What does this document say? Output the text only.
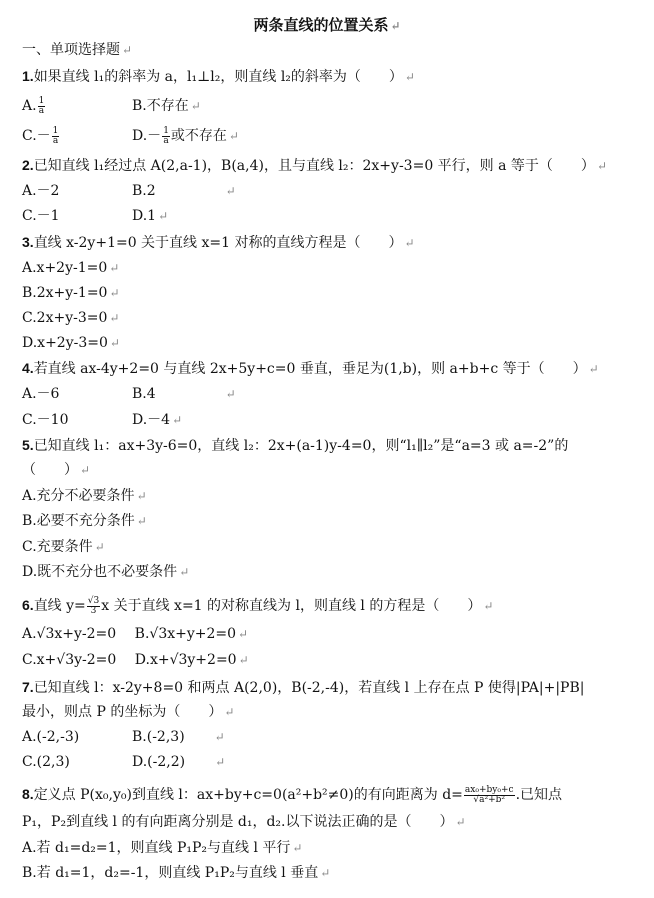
两条直线的位置关系 ↵
一、单项选择题 ↵
1.如果直线 l₁的斜率为 a，l₁⊥l₂，则直线 l₂的斜率为（　　） ↵
A. $\frac{1}{a}$	B.不存在 ↵
$C.- \frac{1}{a}$	$D.- \frac{1}{a}$ 或不存在 ↵
2.已知直线 l₁经过点 A(2,a-1)，B(a,4)，且与直线 l₂：2x+y-3=0 平行，则 a 等于（　　） ↵
A.－2	B.2	↵
C.－1	D.1 ↵
3.直线 x-2y+1=0 关于直线 x=1 对称的直线方程是（　　） ↵
A.x+2y-1=0 ↵
B.2x+y-1=0 ↵
C.2x+y-3=0 ↵
D.x+2y-3=0 ↵
4.若直线 ax-4y+2=0 与直线 2x+5y+c=0 垂直，垂足为(1,b)，则 a+b+c 等于（　　） ↵
A.－6	B.4	↵
C.－10	D.－4 ↵
5.已知直线 l₁：ax+3y-6=0，直线 l₂：2x+(a-1)y-4=0，则“l₁∥l₂”是“a=3 或 a=-2”的
（　　） ↵
A.充分不必要条件 ↵
B.必要不充分条件 ↵
C.充要条件 ↵
D.既不充分也不必要条件 ↵
6.直线 $y= \frac{√3}{3}$ x 关于直线 x=1 的对称直线为 l，则直线 l 的方程是（　　） ↵
A.√3x+y-2=0 B.√3x+y+2=0 ↵
C.x+√3y-2=0 D.x+√3y+2=0 ↵
7.已知直线 l：x-2y+8=0 和两点 A(2,0)，B(-2,-4)，若直线 l 上存在点 P 使得|PA|+|PB|
最小，则点 P 的坐标为（　　） ↵
A.(-2,-3)	B.(-2,3)	↵
C.(2,3)	D.(-2,2)	↵
8.定义点 P(x₀,y₀)到直线 l：ax+by+c=0(a²+b²≠0)的有向距离为 $d= \frac{\text{ax₀+by₀+c}}{\text{√a²+b²}}$ .已知点
P₁，P₂到直线 l 的有向距离分别是 d₁，d₂.以下说法正确的是（　　） ↵
A.若 d₁=d₂=1，则直线 P₁P₂与直线 l 平行 ↵
B.若 d₁=1，d₂=-1，则直线 P₁P₂与直线 l 垂直 ↵
